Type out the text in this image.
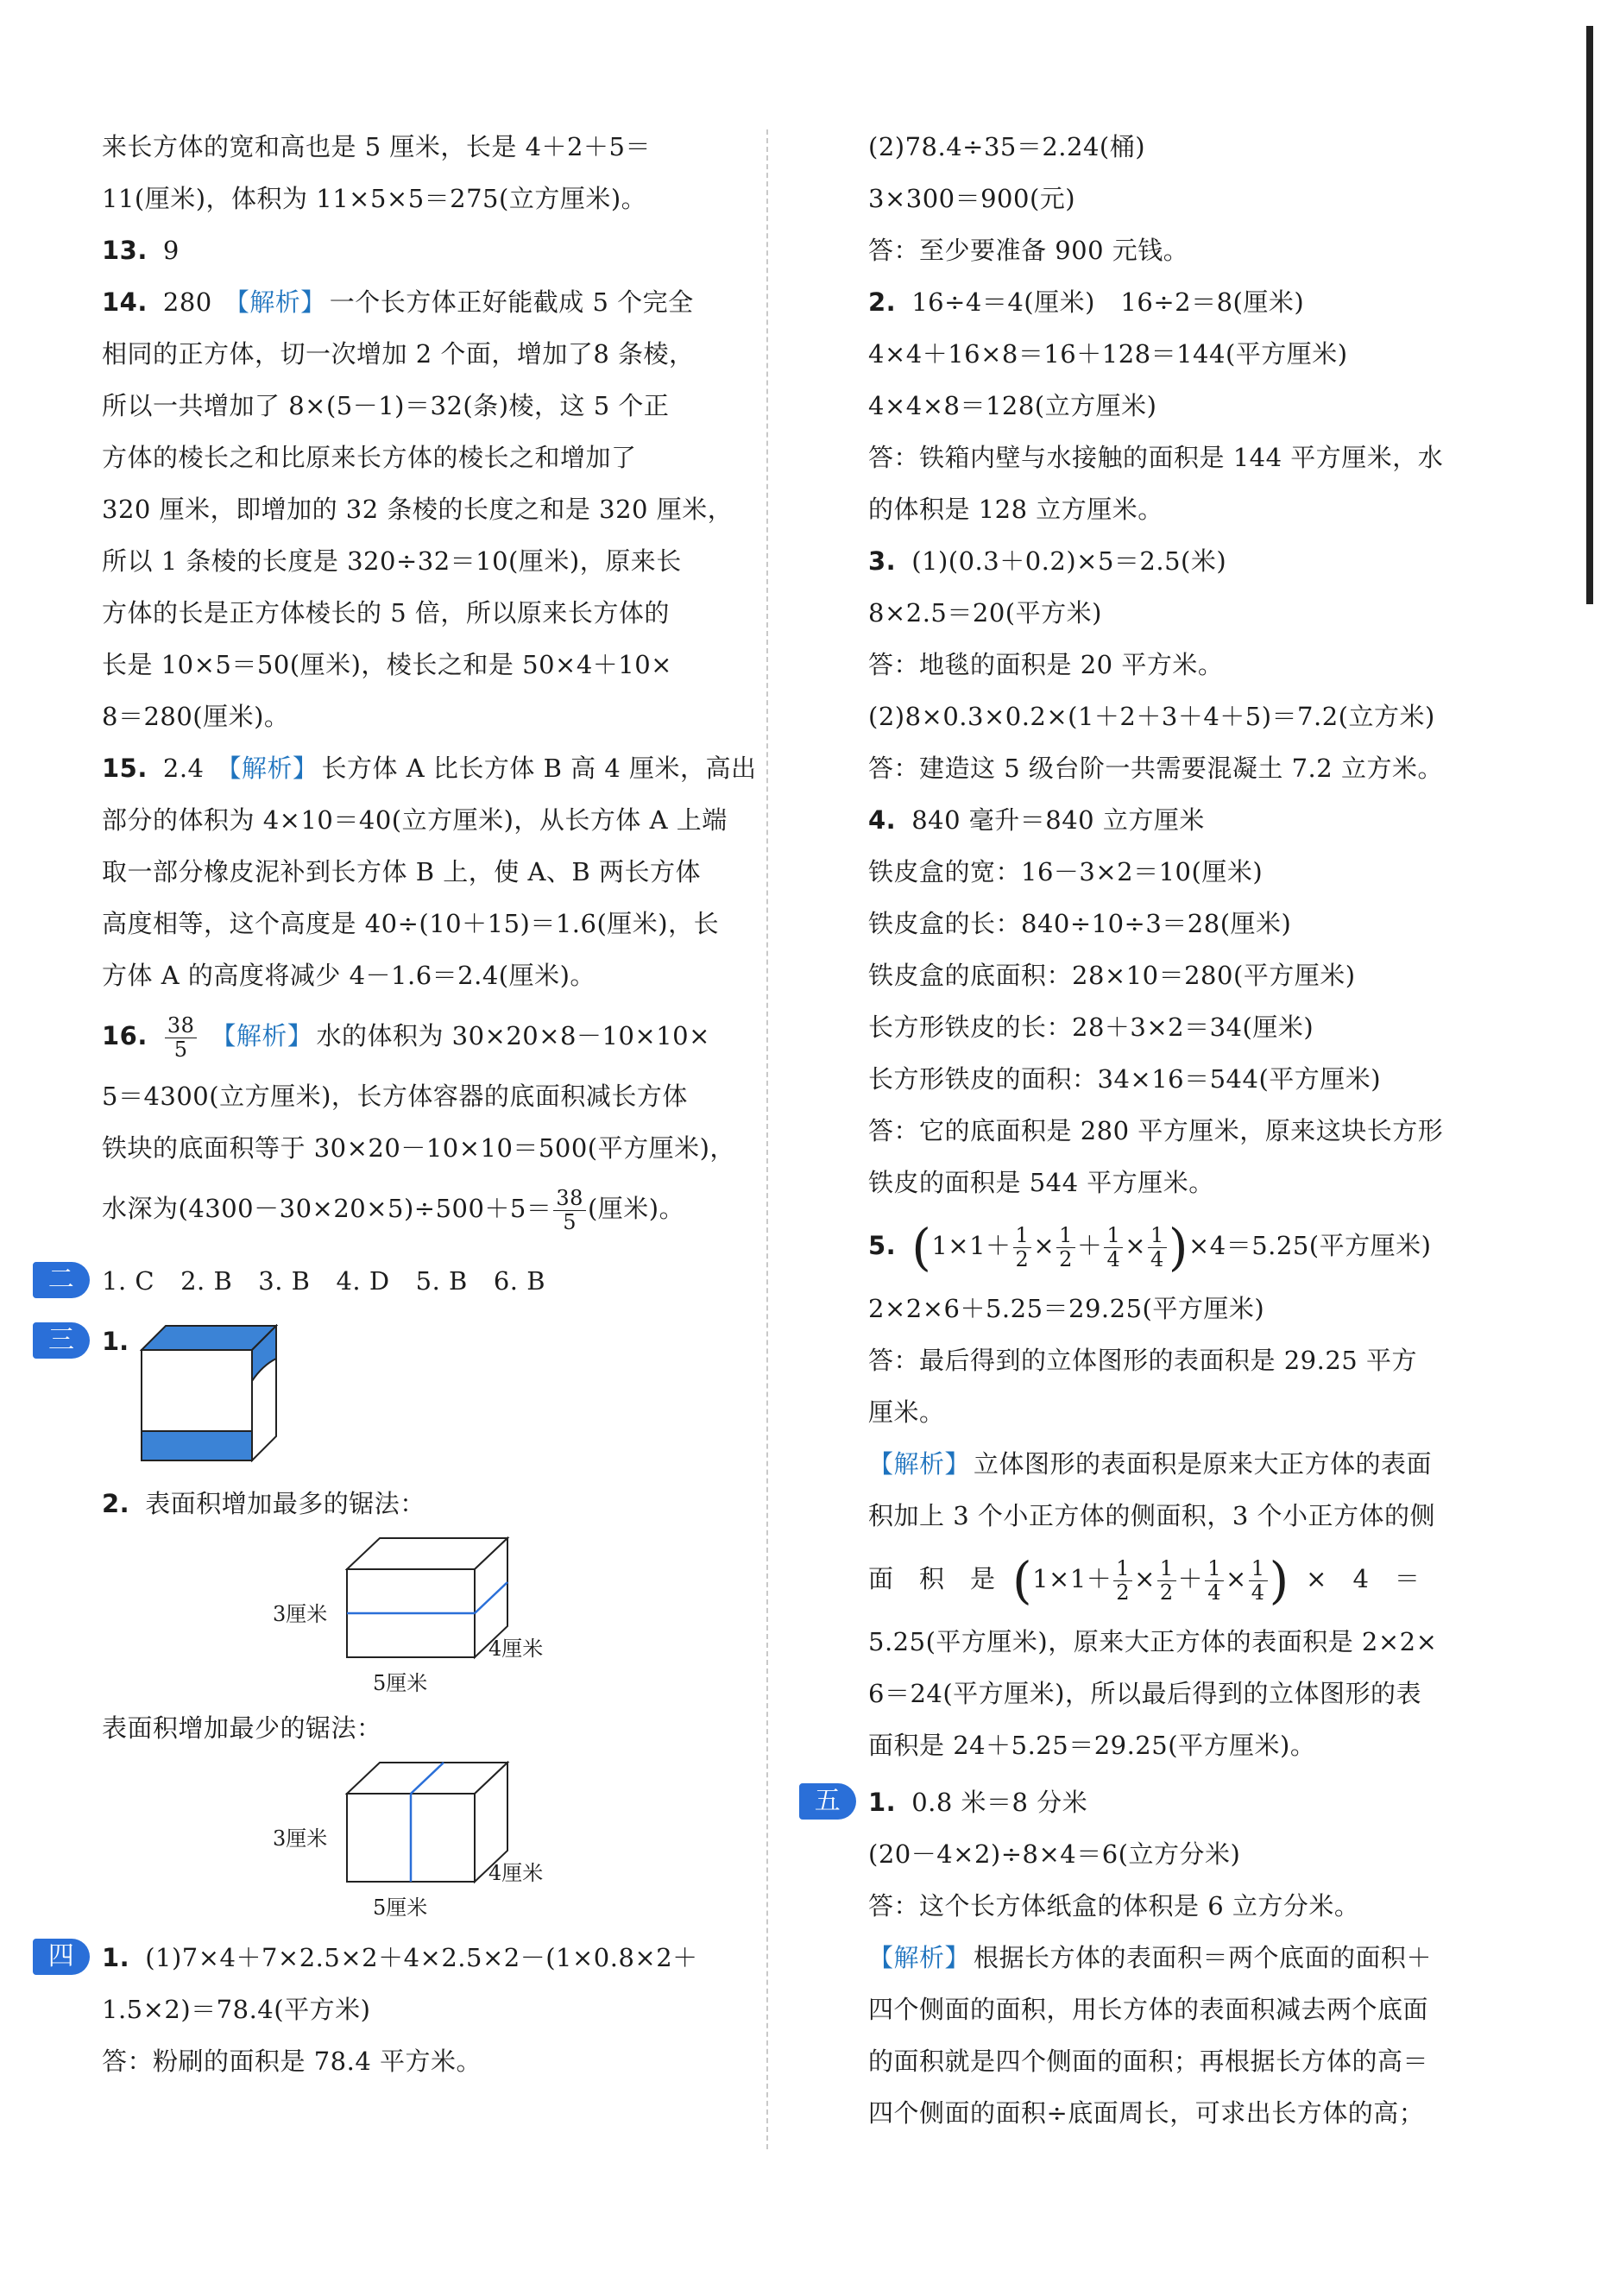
来长方体的宽和高也是 5 厘米，长是 4＋2＋5＝
11(厘米)，体积为 11×5×5＝275(立方厘米)。
13. 9
14. 280 【解析】 一个长方体正好能截成 5 个完全
相同的正方体，切一次增加 2 个面，增加了8 条棱，
所以一共增加了 8×(5－1)＝32(条)棱，这 5 个正
方体的棱长之和比原来长方体的棱长之和增加了
320 厘米，即增加的 32 条棱的长度之和是 320 厘米，
所以 1 条棱的长度是 320÷32＝10(厘米)，原来长
方体的长是正方体棱长的 5 倍，所以原来长方体的
长是 10×5＝50(厘米)，棱长之和是 50×4＋10×
8＝280(厘米)。
15. 2.4 【解析】 长方体 A 比长方体 B 高 4 厘米，高出
部分的体积为 4×10＝40(立方厘米)，从长方体 A 上端
取一部分橡皮泥补到长方体 B 上，使 A、B 两长方体
高度相等，这个高度是 40÷(10＋15)＝1.6(厘米)，长
方体 A 的高度将减少 4－1.6＝2.4(厘米)。
16. $\frac{38}{5}$ 【解析】 水的体积为 30×20×8－10×10×
5＝4300(立方厘米)，长方体容器的底面积减长方体
铁块的底面积等于 30×20－10×10＝500(平方厘米)，
水深为$(4300-30\times 20\times 5)\div 500+5= \frac{38}{5}$ (厘米)。
二	1. C 2. B 3. B 4. D 5. B 6. B
三	1.
2. 表面积增加最多的锯法：
3厘米
4厘米
5厘米
表面积增加最少的锯法：
3厘米
4厘米
5厘米
四	1. (1)7×4＋7×2.5×2＋4×2.5×2－(1×0.8×2＋
1.5×2)＝78.4(平方米)
答：粉刷的面积是 78.4 平方米。
(2)78.4÷35＝2.24(桶)
3×300＝900(元)
答：至少要准备 900 元钱。
2. 16÷4＝4(厘米)　16÷2＝8(厘米)
4×4＋16×8＝16＋128＝144(平方厘米)
4×4×8＝128(立方厘米)
答：铁箱内壁与水接触的面积是 144 平方厘米，水
的体积是 128 立方厘米。
3. (1)(0.3＋0.2)×5＝2.5(米)
8×2.5＝20(平方米)
答：地毯的面积是 20 平方米。
(2)8×0.3×0.2×(1＋2＋3＋4＋5)＝7.2(立方米)
答：建造这 5 级台阶一共需要混凝土 7.2 立方米。
4. 840 毫升＝840 立方厘米
铁皮盒的宽：16－3×2＝10(厘米)
铁皮盒的长：840÷10÷3＝28(厘米)
铁皮盒的底面积：28×10＝280(平方厘米)
长方形铁皮的长：28＋3×2＝34(厘米)
长方形铁皮的面积：34×16＝544(平方厘米)
答：它的底面积是 280 平方厘米，原来这块长方形
铁皮的面积是 544 平方厘米。
5. $(1\times 1+ \frac{1}{2} \times \frac{1}{2} + \frac{1}{4} \times \frac{1}{4} )\times 4=5.25$(平方厘米)
2×2×6＋5.25＝29.25(平方厘米)
答：最后得到的立体图形的表面积是 29.25 平方
厘米。
【解析】 立体图形的表面积是原来大正方体的表面
积加上 3 个小正方体的侧面积，3 个小正方体的侧
面　积　是 ($1\times 1+ \frac{1}{2} \times \frac{1}{2} + \frac{1}{4} \times \frac{1}{4}$ ) ×　4　＝
5.25(平方厘米)，原来大正方体的表面积是 2×2×
6＝24(平方厘米)，所以最后得到的立体图形的表
面积是 24＋5.25＝29.25(平方厘米)。
五	1. 0.8 米＝8 分米
(20－4×2)÷8×4＝6(立方分米)
答：这个长方体纸盒的体积是 6 立方分米。
【解析】 根据长方体的表面积＝两个底面的面积＋
四个侧面的面积，用长方体的表面积减去两个底面
的面积就是四个侧面的面积；再根据长方体的高＝
四个侧面的面积÷底面周长，可求出长方体的高；
